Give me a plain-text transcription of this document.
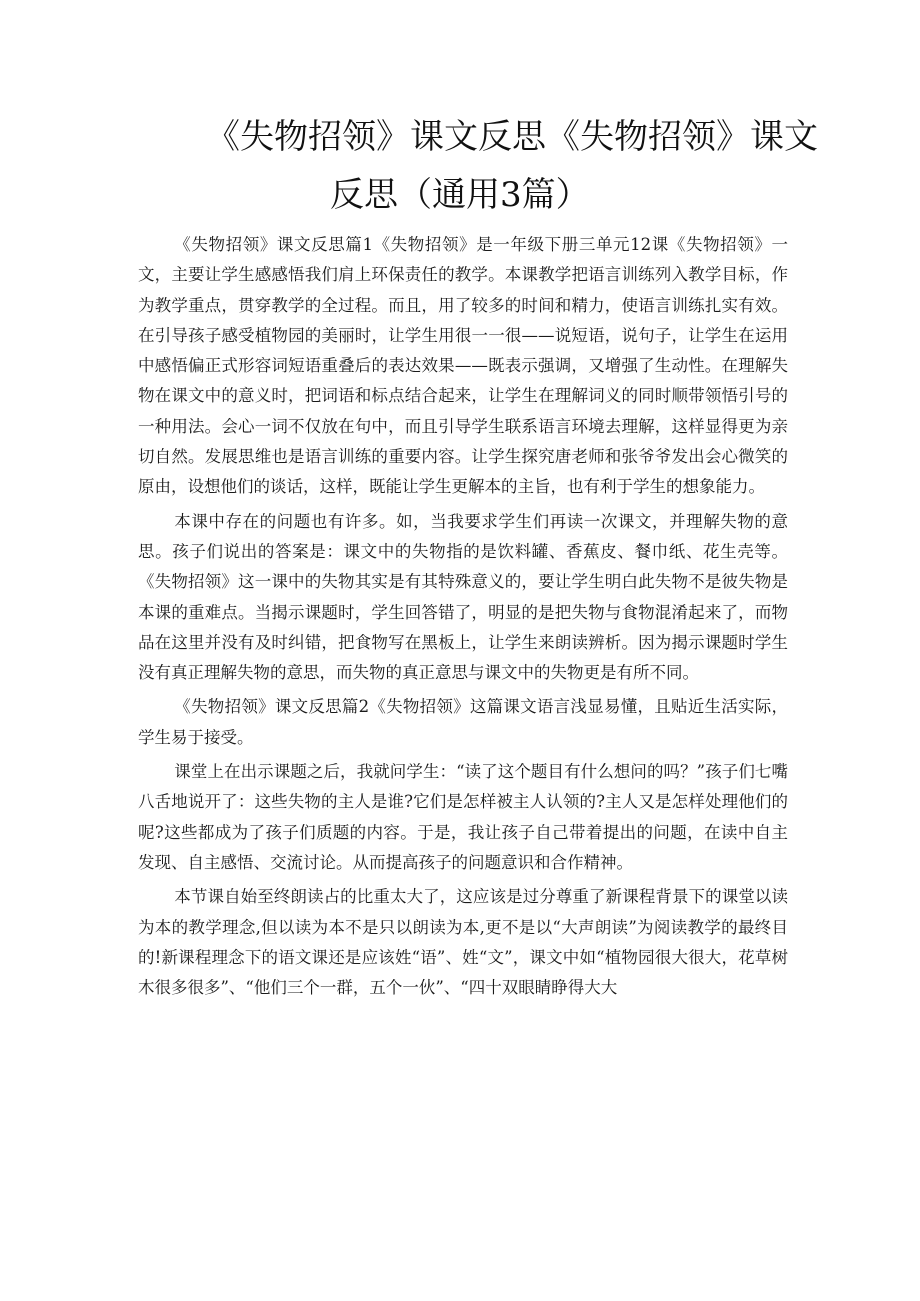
《失物招领》课文反思《失物招领》课文
反思（通用3篇）

《失物招领》课文反思篇1《失物招领》是一年级下册三单元12课《失物招领》一文，主要让学生感感悟我们肩上环保责任的教学。本课教学把语言训练列入教学目标，作为教学重点，贯穿教学的全过程。而且，用了较多的时间和精力，使语言训练扎实有效。在引导孩子感受植物园的美丽时，让学生用很一一很——说短语，说句子，让学生在运用中感悟偏正式形容词短语重叠后的表达效果——既表示强调，又增强了生动性。在理解失物在课文中的意义时，把词语和标点结合起来，让学生在理解词义的同时顺带领悟引号的一种用法。会心一词不仅放在句中，而且引导学生联系语言环境去理解，这样显得更为亲切自然。发展思维也是语言训练的重要内容。让学生探究唐老师和张爷爷发出会心微笑的原由，设想他们的谈话，这样，既能让学生更解本的主旨，也有利于学生的想象能力。

本课中存在的问题也有许多。如，当我要求学生们再读一次课文，并理解失物的意思。孩子们说出的答案是：课文中的失物指的是饮料罐、香蕉皮、餐巾纸、花生壳等。《失物招领》这一课中的失物其实是有其特殊意义的，要让学生明白此失物不是彼失物是本课的重难点。当揭示课题时，学生回答错了，明显的是把失物与食物混淆起来了，而物品在这里并没有及时纠错，把食物写在黑板上，让学生来朗读辨析。因为揭示课题时学生没有真正理解失物的意思，而失物的真正意思与课文中的失物更是有所不同。

《失物招领》课文反思篇2《失物招领》这篇课文语言浅显易懂，且贴近生活实际，学生易于接受。

课堂上在出示课题之后，我就问学生：“读了这个题目有什么想问的吗？”孩子们七嘴八舌地说开了：这些失物的主人是谁?它们是怎样被主人认领的?主人又是怎样处理他们的呢?这些都成为了孩子们质题的内容。于是，我让孩子自己带着提出的问题，在读中自主发现、自主感悟、交流讨论。从而提高孩子的问题意识和合作精神。

本节课自始至终朗读占的比重太大了，这应该是过分尊重了新课程背景下的课堂以读为本的教学理念,但以读为本不是只以朗读为本,更不是以“大声朗读”为阅读教学的最终目的!新课程理念下的语文课还是应该姓“语”、姓“文”，课文中如“植物园很大很大，花草树木很多很多”、“他们三个一群，五个一伙”、“四十双眼睛睁得大大
